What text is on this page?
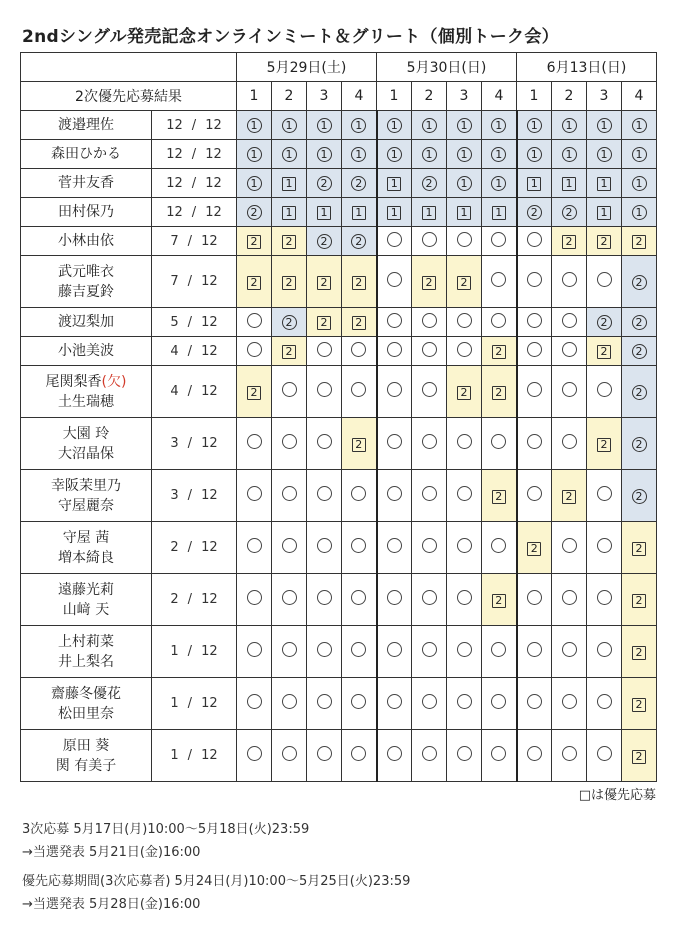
2ndシングル発売記念オンラインミート＆グリート（個別トーク会）
		5月29日(土)				5月30日(日)				6月13日(日)			
2次優先応募結果		1	2	3	4	1	2	3	4	1	2	3	4

渡邉理佐	12 / 12	1	1	1	1	1	1	1	1	1	1	1	1

森田ひかる	12 / 12	1	1	1	1	1	1	1	1	1	1	1	1

菅井友香	12 / 12	1	1	2	2	1	2	1	1	1	1	1	1

田村保乃	12 / 12	2	1	1	1	1	1	1	1	2	2	1	1

小林由依	7 / 12	2	2	2	2						2	2	2

武元唯衣
藤吉夏鈴	7 / 12	2	2	2	2		2	2					2

渡辺梨加	5 / 12		2	2	2							2	2

小池美波	4 / 12		2						2			2	2

尾関梨香(欠)
土生瑞穂	4 / 12	2						2	2				2

大園 玲
大沼晶保	3 / 12				2							2	2

幸阪茉里乃
守屋麗奈	3 / 12								2		2		2

守屋 茜
増本綺良	2 / 12									2			2

遠藤光莉
山﨑 天	2 / 12								2				2

上村莉菜
井上梨名	1 / 12												2

齋藤冬優花
松田里奈	1 / 12												2

原田 葵
関 有美子	1 / 12												2
□は優先応募
3次応募 5月17日(月)10:00～5月18日(火)23:59
→当選発表 5月21日(金)16:00
優先応募期間(3次応募者) 5月24日(月)10:00～5月25日(火)23:59
→当選発表 5月28日(金)16:00
